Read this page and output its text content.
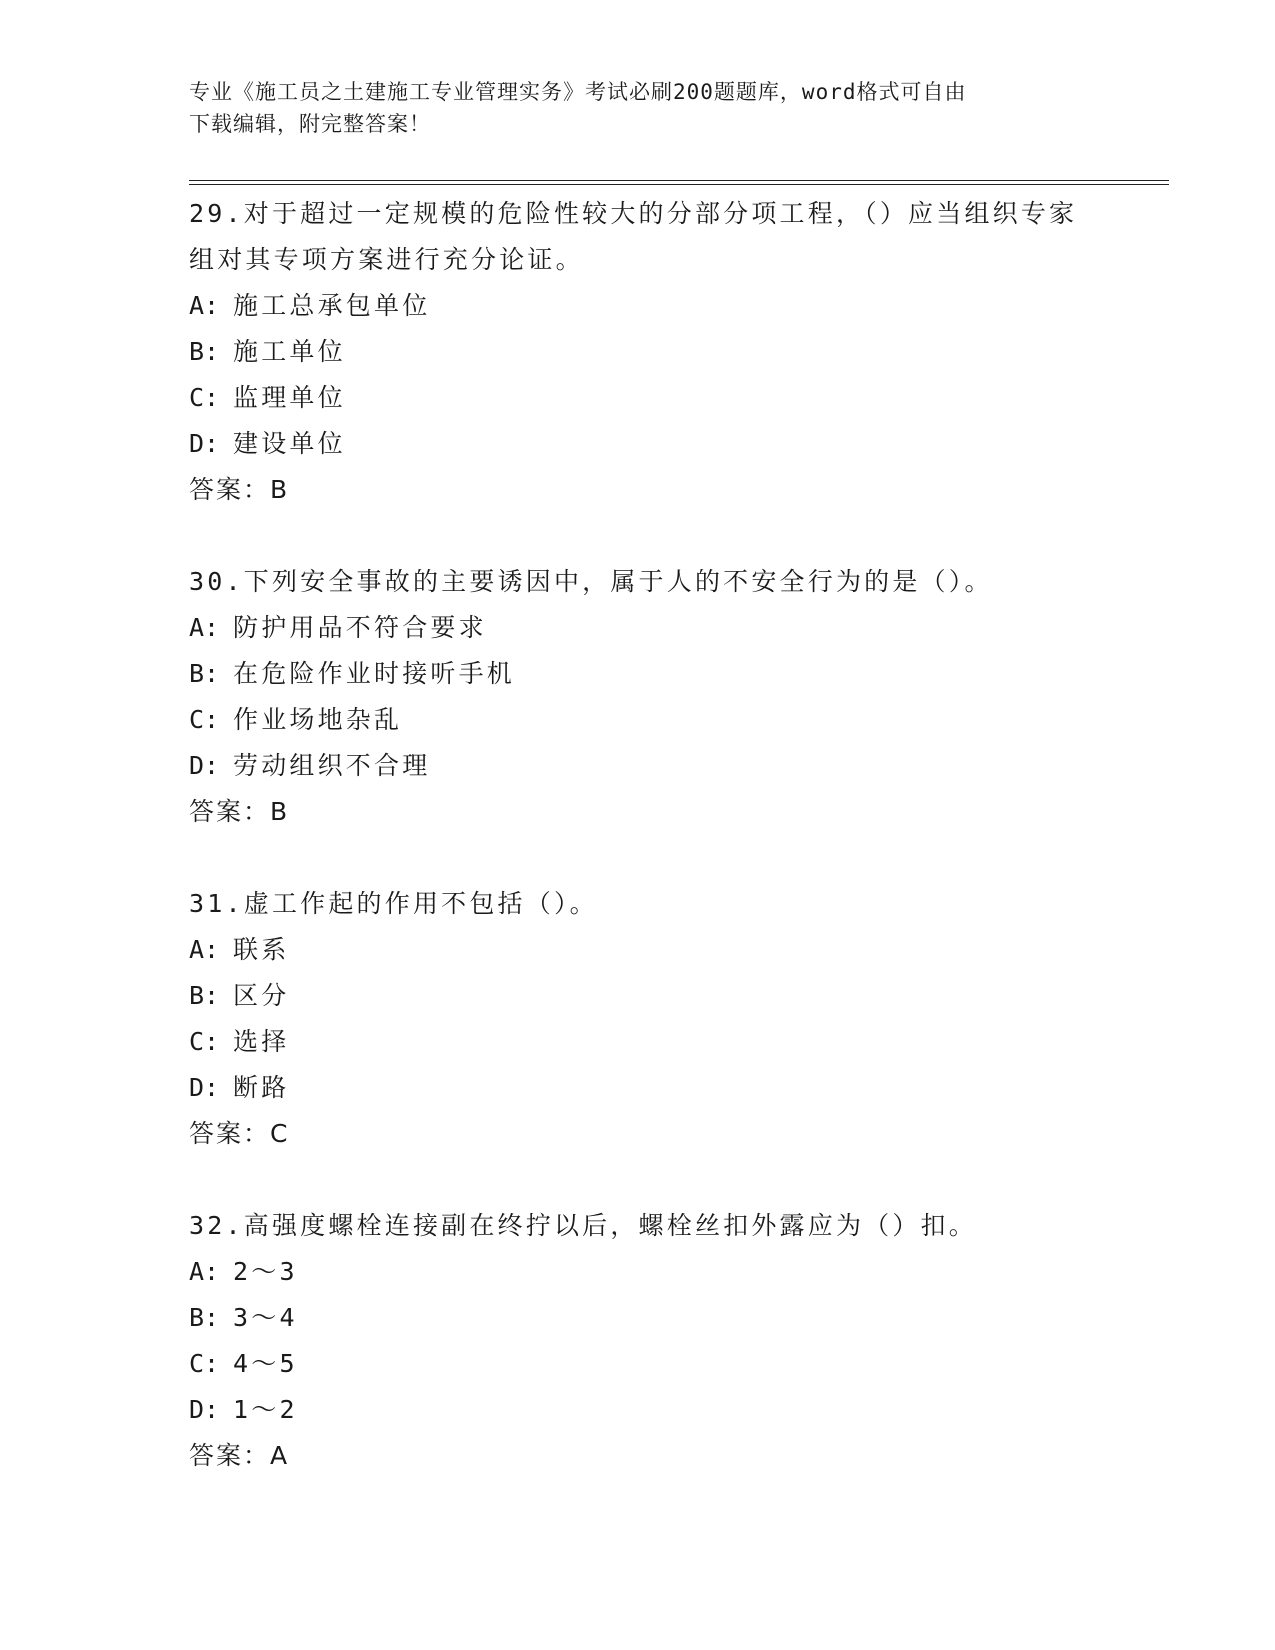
专业《施工员之土建施工专业管理实务》考试必刷200题题库，word格式可自由
下载编辑，附完整答案！
29.对于超过一定规模的危险性较大的分部分项工程，（）应当组织专家组对其专项方案进行充分论证。
A: 施工总承包单位
B: 施工单位
C: 监理单位
D: 建设单位
答案：B
30.下列安全事故的主要诱因中，属于人的不安全行为的是（）。
A: 防护用品不符合要求
B: 在危险作业时接听手机
C: 作业场地杂乱
D: 劳动组织不合理
答案：B
31.虚工作起的作用不包括（）。
A: 联系
B: 区分
C: 选择
D: 断路
答案：C
32.高强度螺栓连接副在终拧以后，螺栓丝扣外露应为（）扣。
A: 2～3
B: 3～4
C: 4～5
D: 1～2
答案：A
